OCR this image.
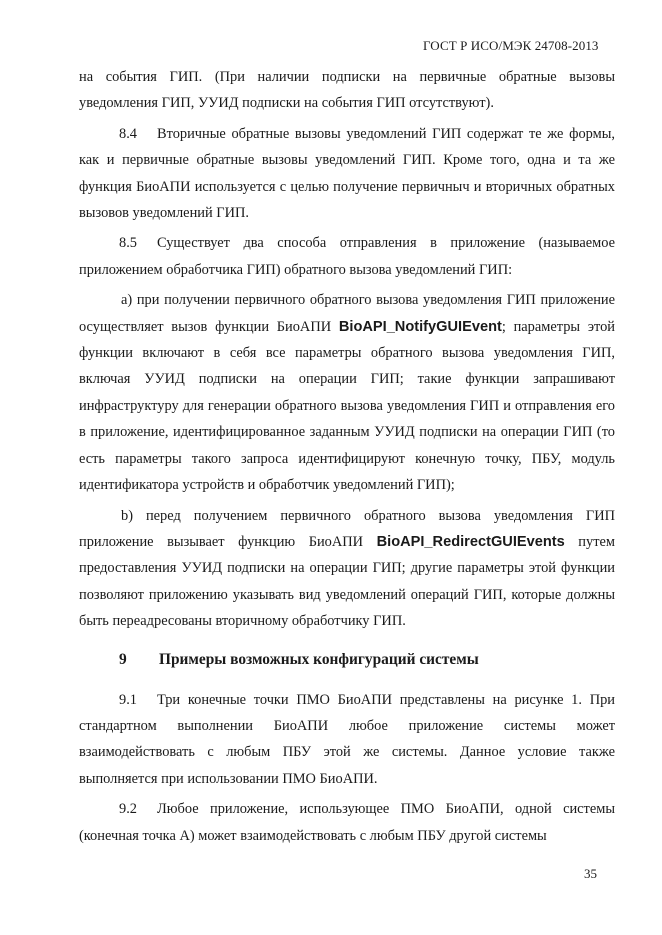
ГОСТ Р ИСО/МЭК 24708-2013

на события ГИП. (При наличии подписки на первичные обратные вызовы уведомления ГИП, УУИД подписки на события ГИП отсутствуют).

8.4 Вторичные обратные вызовы уведомлений ГИП содержат те же формы, как и первичные обратные вызовы уведомлений ГИП. Кроме того, одна и та же функция БиоАПИ используется с целью получение первичныч и вторичных обратных вызовов уведомлений ГИП.

8.5 Существует два способа отправления в приложение (называемое приложением обработчика ГИП) обратного вызова уведомлений ГИП:

а) при получении первичного обратного вызова уведомления ГИП приложение осуществляет вызов функции БиоАПИ BioAPI_NotifyGUIEvent; параметры этой функции включают в себя все параметры обратного вызова уведомления ГИП, включая УУИД подписки на операции ГИП; такие функции запрашивают инфраструктуру для генерации обратного вызова уведомления ГИП и отправления его в приложение, идентифицированное заданным УУИД подписки на операции ГИП (то есть параметры такого запроса идентифицируют конечную точку, ПБУ, модуль идентификатора устройств и обработчик уведомлений ГИП);

b) перед получением первичного обратного вызова уведомления ГИП приложение вызывает функцию БиоАПИ BioAPI_RedirectGUIEvents путем предоставления УУИД подписки на операции ГИП; другие параметры этой функции позволяют приложению указывать вид уведомлений операций ГИП, которые должны быть переадресованы вторичному обработчику ГИП.

9 Примеры возможных конфигураций системы

9.1 Три конечные точки ПМО БиоАПИ представлены на рисунке 1. При стандартном выполнении БиоАПИ любое приложение системы может взаимодействовать с любым ПБУ этой же системы. Данное условие также выполняется при использовании ПМО БиоАПИ.

9.2 Любое приложение, использующее ПМО БиоАПИ, одной системы (конечная точка А) может взаимодействовать с любым ПБУ другой системы

35
